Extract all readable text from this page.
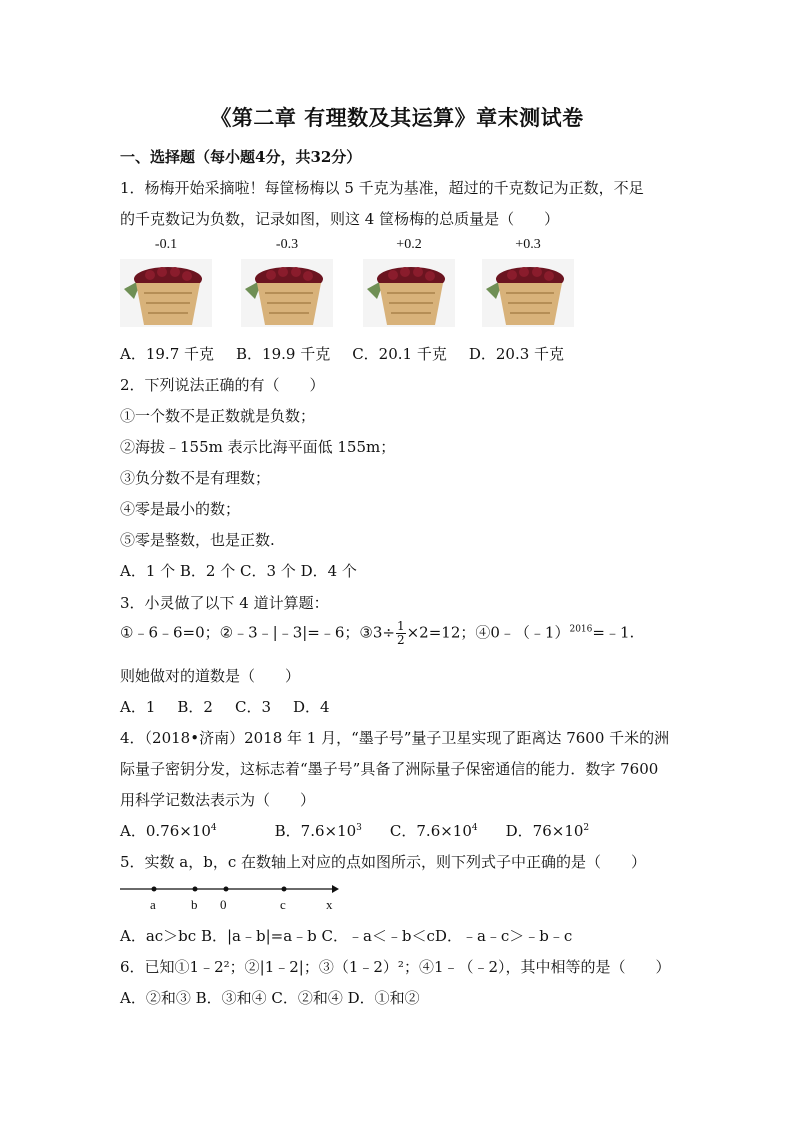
《第二章 有理数及其运算》章末测试卷
一、选择题（每小题4分，共32分）
1．杨梅开始采摘啦！每筐杨梅以 5 千克为基准，超过的千克数记为正数，不足
的千克数记为负数，记录如图，则这 4 筐杨梅的总质量是（　　）
-0.1	-0.3	+0.2	+0.3
A．19.7 千克 B．19.9 千克 C．20.1 千克 D．20.3 千克
2．下列说法正确的有（　　）
①一个数不是正数就是负数；
②海拔﹣155m 表示比海平面低 155m；
③负分数不是有理数；
④零是最小的数；
⑤零是整数，也是正数.
A．1 个 B．2 个 C．3 个 D．4 个
3．小灵做了以下 4 道计算题：
①﹣6﹣6=0；②﹣3﹣|﹣3|=﹣6；③3÷ $\frac{1}{2} \times 2=12$；④0﹣（﹣1）$^{2016}$=﹣1.
则她做对的道数是（　　）
A．1 B．2 C．3 D．4
4．（2018•济南）2018 年 1 月，“墨子号”量子卫星实现了距离达 7600 千米的洲
际量子密钥分发，这标志着“墨子号”具备了洲际量子保密通信的能力．数字 7600
用科学记数法表示为（　　）
A．$0.76\times 10^4$	B．$7.6\times 10^3$ C．$7.6\times 10^4$ D．$76\times 10^2$
5．实数 a，b，c 在数轴上对应的点如图所示，则下列式子中正确的是（　　）
a	b 0	c	x
A．ac＞bc B．|a﹣b|=a﹣b C．﹣a＜﹣b＜cD．﹣a﹣c＞﹣b﹣c
6．已知①1﹣2²；②|1﹣2|；③（1﹣2）²；④1﹣（﹣2），其中相等的是（　　）
A．②和③ B．③和④ C．②和④ D．①和②
